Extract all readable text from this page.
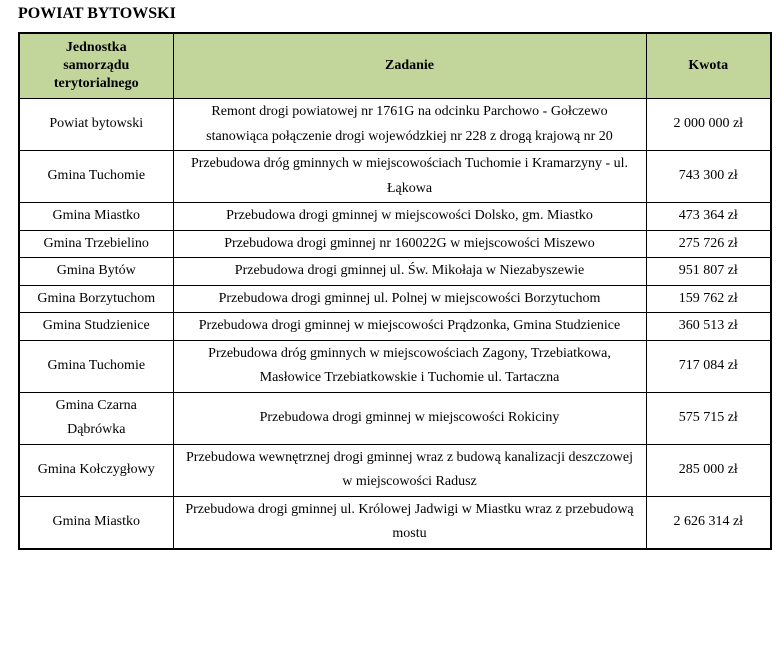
POWIAT BYTOWSKI
Jednostka samorządu terytorialnego	Zadanie	Kwota
Powiat bytowski	Remont drogi powiatowej nr 1761G na odcinku Parchowo - Gołczewo stanowiąca połączenie drogi wojewódzkiej nr 228 z drogą krajową nr 20	2 000 000 zł
Gmina Tuchomie	Przebudowa dróg gminnych w miejscowościach Tuchomie i Kramarzyny - ul. Łąkowa	743 300 zł
Gmina Miastko	Przebudowa drogi gminnej w miejscowości Dolsko, gm. Miastko	473 364 zł
Gmina Trzebielino	Przebudowa drogi gminnej nr 160022G w miejscowości Miszewo	275 726 zł
Gmina Bytów	Przebudowa drogi gminnej ul. Św. Mikołaja w Niezabyszewie	951 807 zł
Gmina Borzytuchom	Przebudowa drogi gminnej ul. Polnej w miejscowości Borzytuchom	159 762 zł
Gmina Studzienice	Przebudowa drogi gminnej w miejscowości Prądzonka, Gmina Studzienice	360 513 zł
Gmina Tuchomie	Przebudowa dróg gminnych w miejscowościach Zagony, Trzebiatkowa, Masłowice Trzebiatkowskie i Tuchomie ul. Tartaczna	717 084 zł
Gmina Czarna Dąbrówka	Przebudowa drogi gminnej w miejscowości Rokiciny	575 715 zł
Gmina Kołczygłowy	Przebudowa wewnętrznej drogi gminnej wraz z budową kanalizacji deszczowej w miejscowości Radusz	285 000 zł
Gmina Miastko	Przebudowa drogi gminnej ul. Królowej Jadwigi w Miastku wraz z przebudową mostu	2 626 314 zł
